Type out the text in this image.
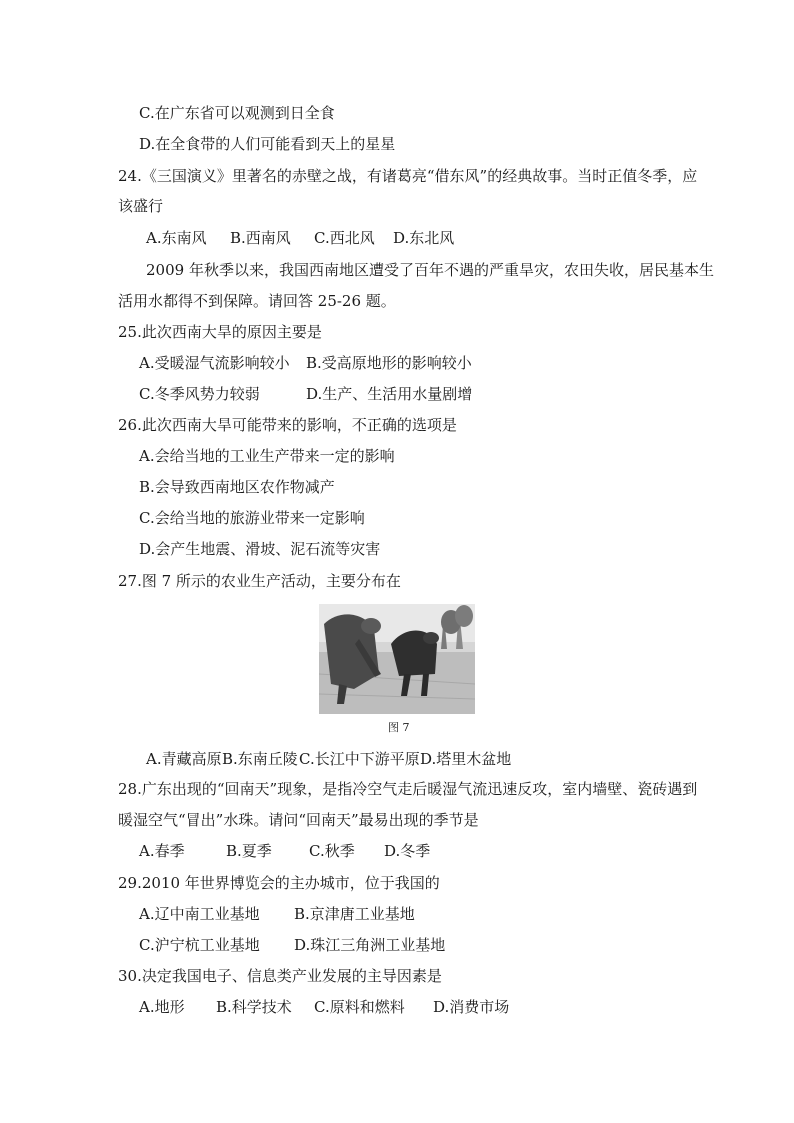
C.在广东省可以观测到日全食
D.在全食带的人们可能看到天上的星星
24.《三国演义》里著名的赤壁之战，有诸葛亮“借东风”的经典故事。当时正值冬季，应
该盛行
A.东南风 B.西南风 C.西北风 D.东北风
2009 年秋季以来，我国西南地区遭受了百年不遇的严重旱灾，农田失收，居民基本生
活用水都得不到保障。请回答 25-26 题。
25.此次西南大旱的原因主要是
A.受暖湿气流影响较小 B.受高原地形的影响较小
C.冬季风势力较弱	D.生产、生活用水量剧增
26.此次西南大旱可能带来的影响，不正确的选项是
A.会给当地的工业生产带来一定的影响
B.会导致西南地区农作物减产
C.会给当地的旅游业带来一定影响
D.会产生地震、滑坡、泥石流等灾害
27.图 7 所示的农业生产活动，主要分布在
图 7
A.青藏高原 B.东南丘陵 C.长江中下游平原 D.塔里木盆地
28.广东出现的“回南天”现象，是指冷空气走后暖湿气流迅速反攻，室内墙壁、瓷砖遇到
暖湿空气“冒出”水珠。请问“回南天”最易出现的季节是
A.春季	B.夏季 C.秋季 D.冬季
29.2010 年世界博览会的主办城市，位于我国的
A.辽中南工业基地 B.京津唐工业基地
C.沪宁杭工业基地 D.珠江三角洲工业基地
30.决定我国电子、信息类产业发展的主导因素是
A.地形 B.科学技术 C.原料和燃料 D.消费市场
